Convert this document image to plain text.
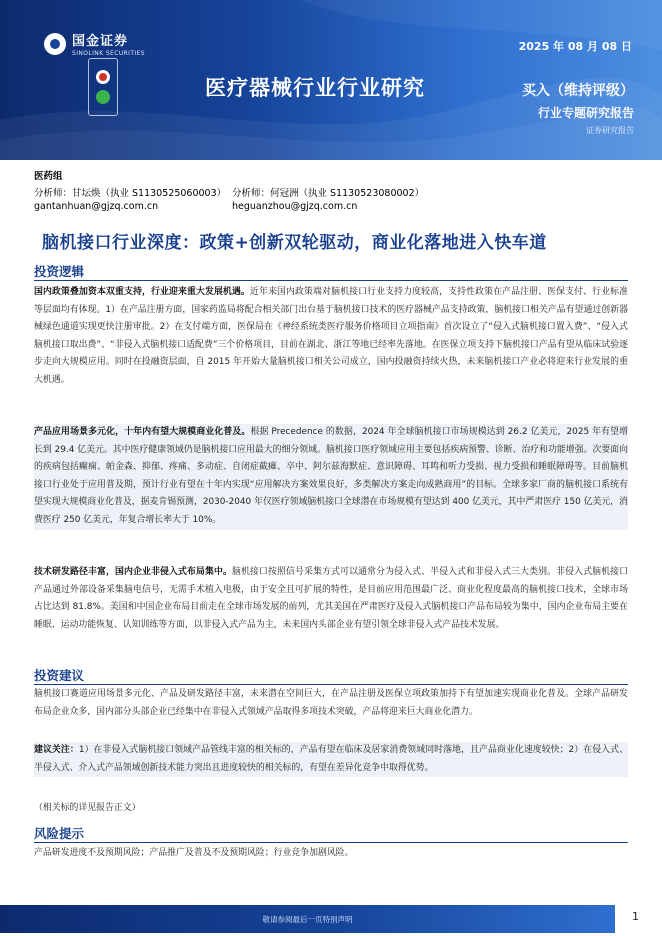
国金证券
SINOLINK SECURITIES
2025 年 08 月 08 日
医疗器械行业行业研究	买入（维持评级）
行业专题研究报告
证券研究报告
医药组
分析师：甘坛焕（执业 S1130525060003） 分析师：何冠洲（执业 S1130523080002）
gantanhuan@gjzq.com.cn	heguanzhou@gjzq.com.cn
脑机接口行业深度：政策+创新双轮驱动，商业化落地进入快车道
投资逻辑
国内政策叠加资本双重支持，行业迎来重大发展机遇。近年来国内政策端对脑机接口行业支持力度较高，支持性政策在产品注册、医保支付、行业标准等层面均有体现。1）在产品注册方面，国家药监局将配合相关部门出台基于脑机接口技术的医疗器械产品支持政策，脑机接口相关产品有望通过创新器械绿色通道实现更快注册审批。2）在支付端方面，医保局在《神经系统类医疗服务价格项目立项指南》首次设立了“侵入式脑机接口置入费”、“侵入式脑机接口取出费”、“非侵入式脑机接口适配费”三个价格项目，目前在湖北、浙江等地已经率先落地。在医保立项支持下脑机接口产品有望从临床试验逐步走向大规模应用。同时在投融资层面，自 2015 年开始大量脑机接口相关公司成立，国内投融资持续火热，未来脑机接口产业必将迎来行业发展的重大机遇。
产品应用场景多元化，十年内有望大规模商业化普及。根据 Precedence 的数据，2024 年全球脑机接口市场规模达到 26.2 亿美元，2025 年有望增长到 29.4 亿美元。其中医疗健康领域仍是脑机接口应用最大的细分领域。脑机接口医疗领域应用主要包括疾病预警、诊断、治疗和功能增强。次要面向的疾病包括癫痫、帕金森、抑郁、疼痛、多动症、自闭症截瘫、卒中、阿尔兹海默症、意识障碍、耳鸣和听力受损、视力受损和睡眠障碍等。目前脑机接口行业处于应用普及期，预计行业有望在十年内实现“应用解决方案效果良好，多类解决方案走向成熟商用”的目标。全球多家厂商的脑机接口系统有望实现大规模商业化普及，据麦肯锡预测，2030-2040 年仅医疗领域脑机接口全球潜在市场规模有望达到 400 亿美元，其中严肃医疗 150 亿美元，消费医疗 250 亿美元，年复合增长率大于 10%。
技术研发路径丰富，国内企业非侵入式布局集中。脑机接口按照信号采集方式可以通常分为侵入式、半侵入式和非侵入式三大类别。非侵入式脑机接口产品通过外部设备采集脑电信号，无需手术植入电极，由于安全且可扩展的特性，是目前应用范围最广泛、商业化程度最高的脑机接口技术，全球市场占比达到 81.8%。美国和中国企业布局目前走在全球市场发展的前列，尤其美国在严肃医疗及侵入式脑机接口产品布局较为集中，国内企业布局主要在睡眠、运动功能恢复、认知训练等方面，以非侵入式产品为主，未来国内头部企业有望引领全球非侵入式产品技术发展。
投资建议
脑机接口赛道应用场景多元化、产品及研发路径丰富，未来潜在空间巨大，在产品注册及医保立项政策加持下有望加速实现商业化普及。全球产品研发布局企业众多，国内部分头部企业已经集中在非侵入式领域产品取得多项技术突破，产品将迎来巨大商业化潜力。
建议关注：1）在非侵入式脑机接口领域产品管线丰富的相关标的，产品有望在临床及居家消费领域同时落地，且产品商业化速度较快；2）在侵入式、半侵入式、介入式产品领域创新技术能力突出且进度较快的相关标的，有望在差异化竞争中取得优势。
（相关标的详见报告正文）
风险提示
产品研发进度不及预期风险；产品推广及普及不及预期风险；行业竞争加剧风险。
敬请参阅最后一页特别声明	1
